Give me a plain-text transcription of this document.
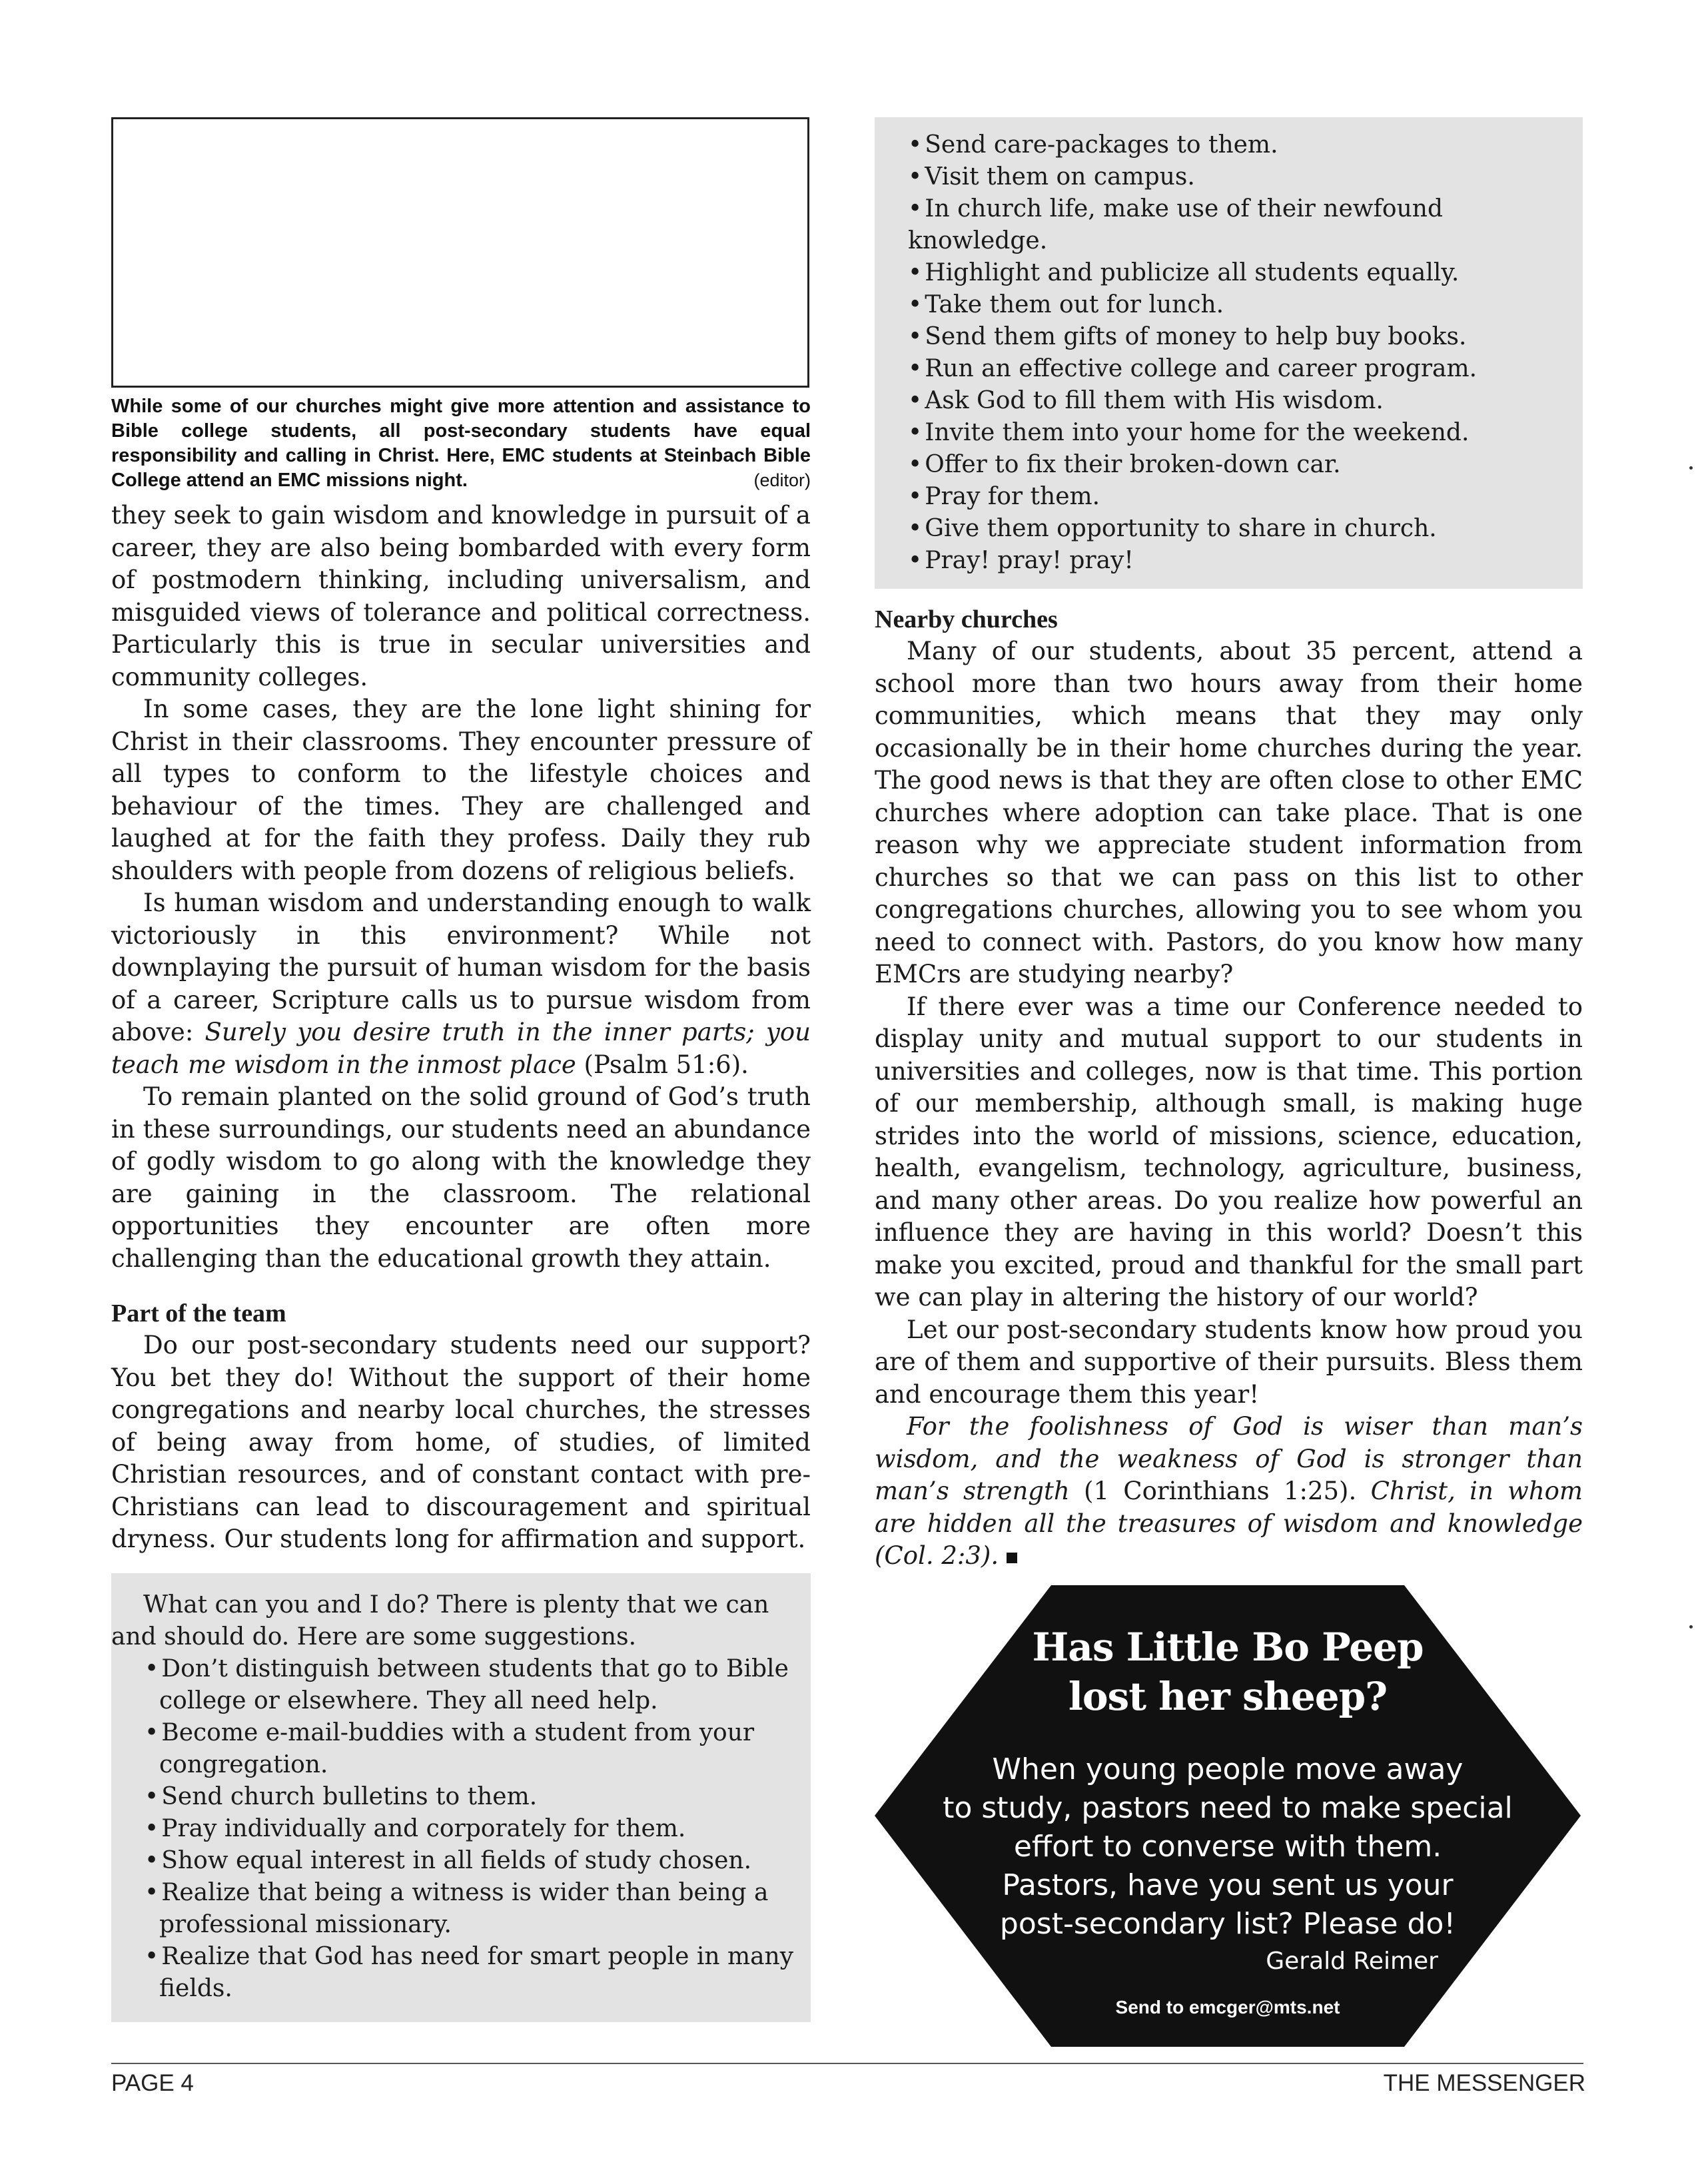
While some of our churches might give more attention and assistance to Bible college students, all post-secondary students have equal responsibility and calling in Christ. Here, EMC students at Steinbach Bible College attend an EMC missions night.	(editor)

they seek to gain wisdom and knowledge in pursuit of a career, they are also being bombarded with every form of postmodern thinking, including universalism, and misguided views of tolerance and political correctness. Particularly this is true in secular universities and community colleges.

In some cases, they are the lone light shining for Christ in their classrooms. They encounter pressure of all types to conform to the lifestyle choices and behaviour of the times. They are challenged and laughed at for the faith they profess. Daily they rub shoulders with people from dozens of religious beliefs.

Is human wisdom and understanding enough to walk victoriously in this environment? While not downplaying the pursuit of human wisdom for the basis of a career, Scripture calls us to pursue wisdom from above: Surely you desire truth in the inner parts; you teach me wisdom in the inmost place (Psalm 51:6).

To remain planted on the solid ground of God’s truth in these surroundings, our students need an abundance of godly wisdom to go along with the knowledge they are gaining in the classroom. The relational opportunities they encounter are often more challenging than the educational growth they attain.

Part of the team

Do our post-secondary students need our support? You bet they do! Without the support of their home congregations and nearby local churches, the stresses of being away from home, of studies, of limited Christian resources, and of constant contact with pre-Christians can lead to discouragement and spiritual dryness. Our students long for affirmation and support.

What can you and I do? There is plenty that we can and should do. Here are some suggestions.
• Don’t distinguish between students that go to Bible college or elsewhere. They all need help.
• Become e-mail-buddies with a student from your congregation.
• Send church bulletins to them.
• Pray individually and corporately for them.
• Show equal interest in all fields of study chosen.
• Realize that being a witness is wider than being a professional missionary.
• Realize that God has need for smart people in many fields.
• Send care-packages to them.
• Visit them on campus.
• In church life, make use of their newfound knowledge.
• Highlight and publicize all students equally.
• Take them out for lunch.
• Send them gifts of money to help buy books.
• Run an effective college and career program.
• Ask God to fill them with His wisdom.
• Invite them into your home for the weekend.
• Offer to fix their broken-down car.
• Pray for them.
• Give them opportunity to share in church.
• Pray! pray! pray!
Nearby churches

Many of our students, about 35 percent, attend a school more than two hours away from their home communities, which means that they may only occasionally be in their home churches during the year. The good news is that they are often close to other EMC churches where adoption can take place. That is one reason why we appreciate student information from churches so that we can pass on this list to other congregations churches, allowing you to see whom you need to connect with. Pastors, do you know how many EMCrs are studying nearby?

If there ever was a time our Conference needed to display unity and mutual support to our students in universities and colleges, now is that time. This portion of our membership, although small, is making huge strides into the world of missions, science, education, health, evangelism, technology, agriculture, business, and many other areas. Do you realize how powerful an influence they are having in this world? Doesn’t this make you excited, proud and thankful for the small part we can play in altering the history of our world?

Let our post-secondary students know how proud you are of them and supportive of their pursuits. Bless them and encourage them this year!

For the foolishness of God is wiser than man’s wisdom, and the weakness of God is stronger than man’s strength (1 Corinthians 1:25). Christ, in whom are hidden all the treasures of wisdom and knowledge (Col. 2:3).

Has Little Bo Peep
lost her sheep?
When young people move away
to study, pastors need to make special
effort to converse with them.
Pastors, have you sent us your
post-secondary list? Please do!
Gerald Reimer
Send to emcger@mts.net
PAGE 4	THE MESSENGER
